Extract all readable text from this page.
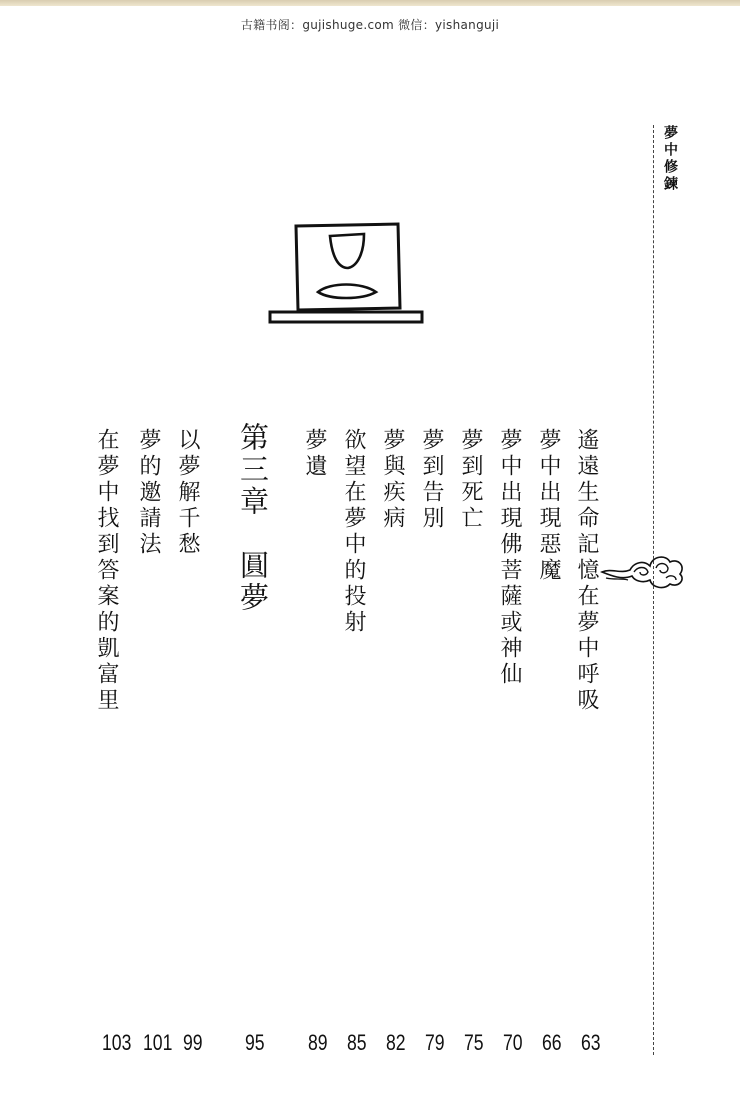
古籍书阁：gujishuge.com 微信：yishanguji
夢中修鍊
遙遠生命記憶在夢中呼吸
夢中出現惡魔
夢中出現佛菩薩或神仙
夢到死亡
夢到告別
夢與疾病
欲望在夢中的投射
夢遺
第三章　圓夢
以夢解千愁
夢的邀請法
在夢中找到答案的凱富里
63
66
70
75
79
82
85
89
95
99
101
103
